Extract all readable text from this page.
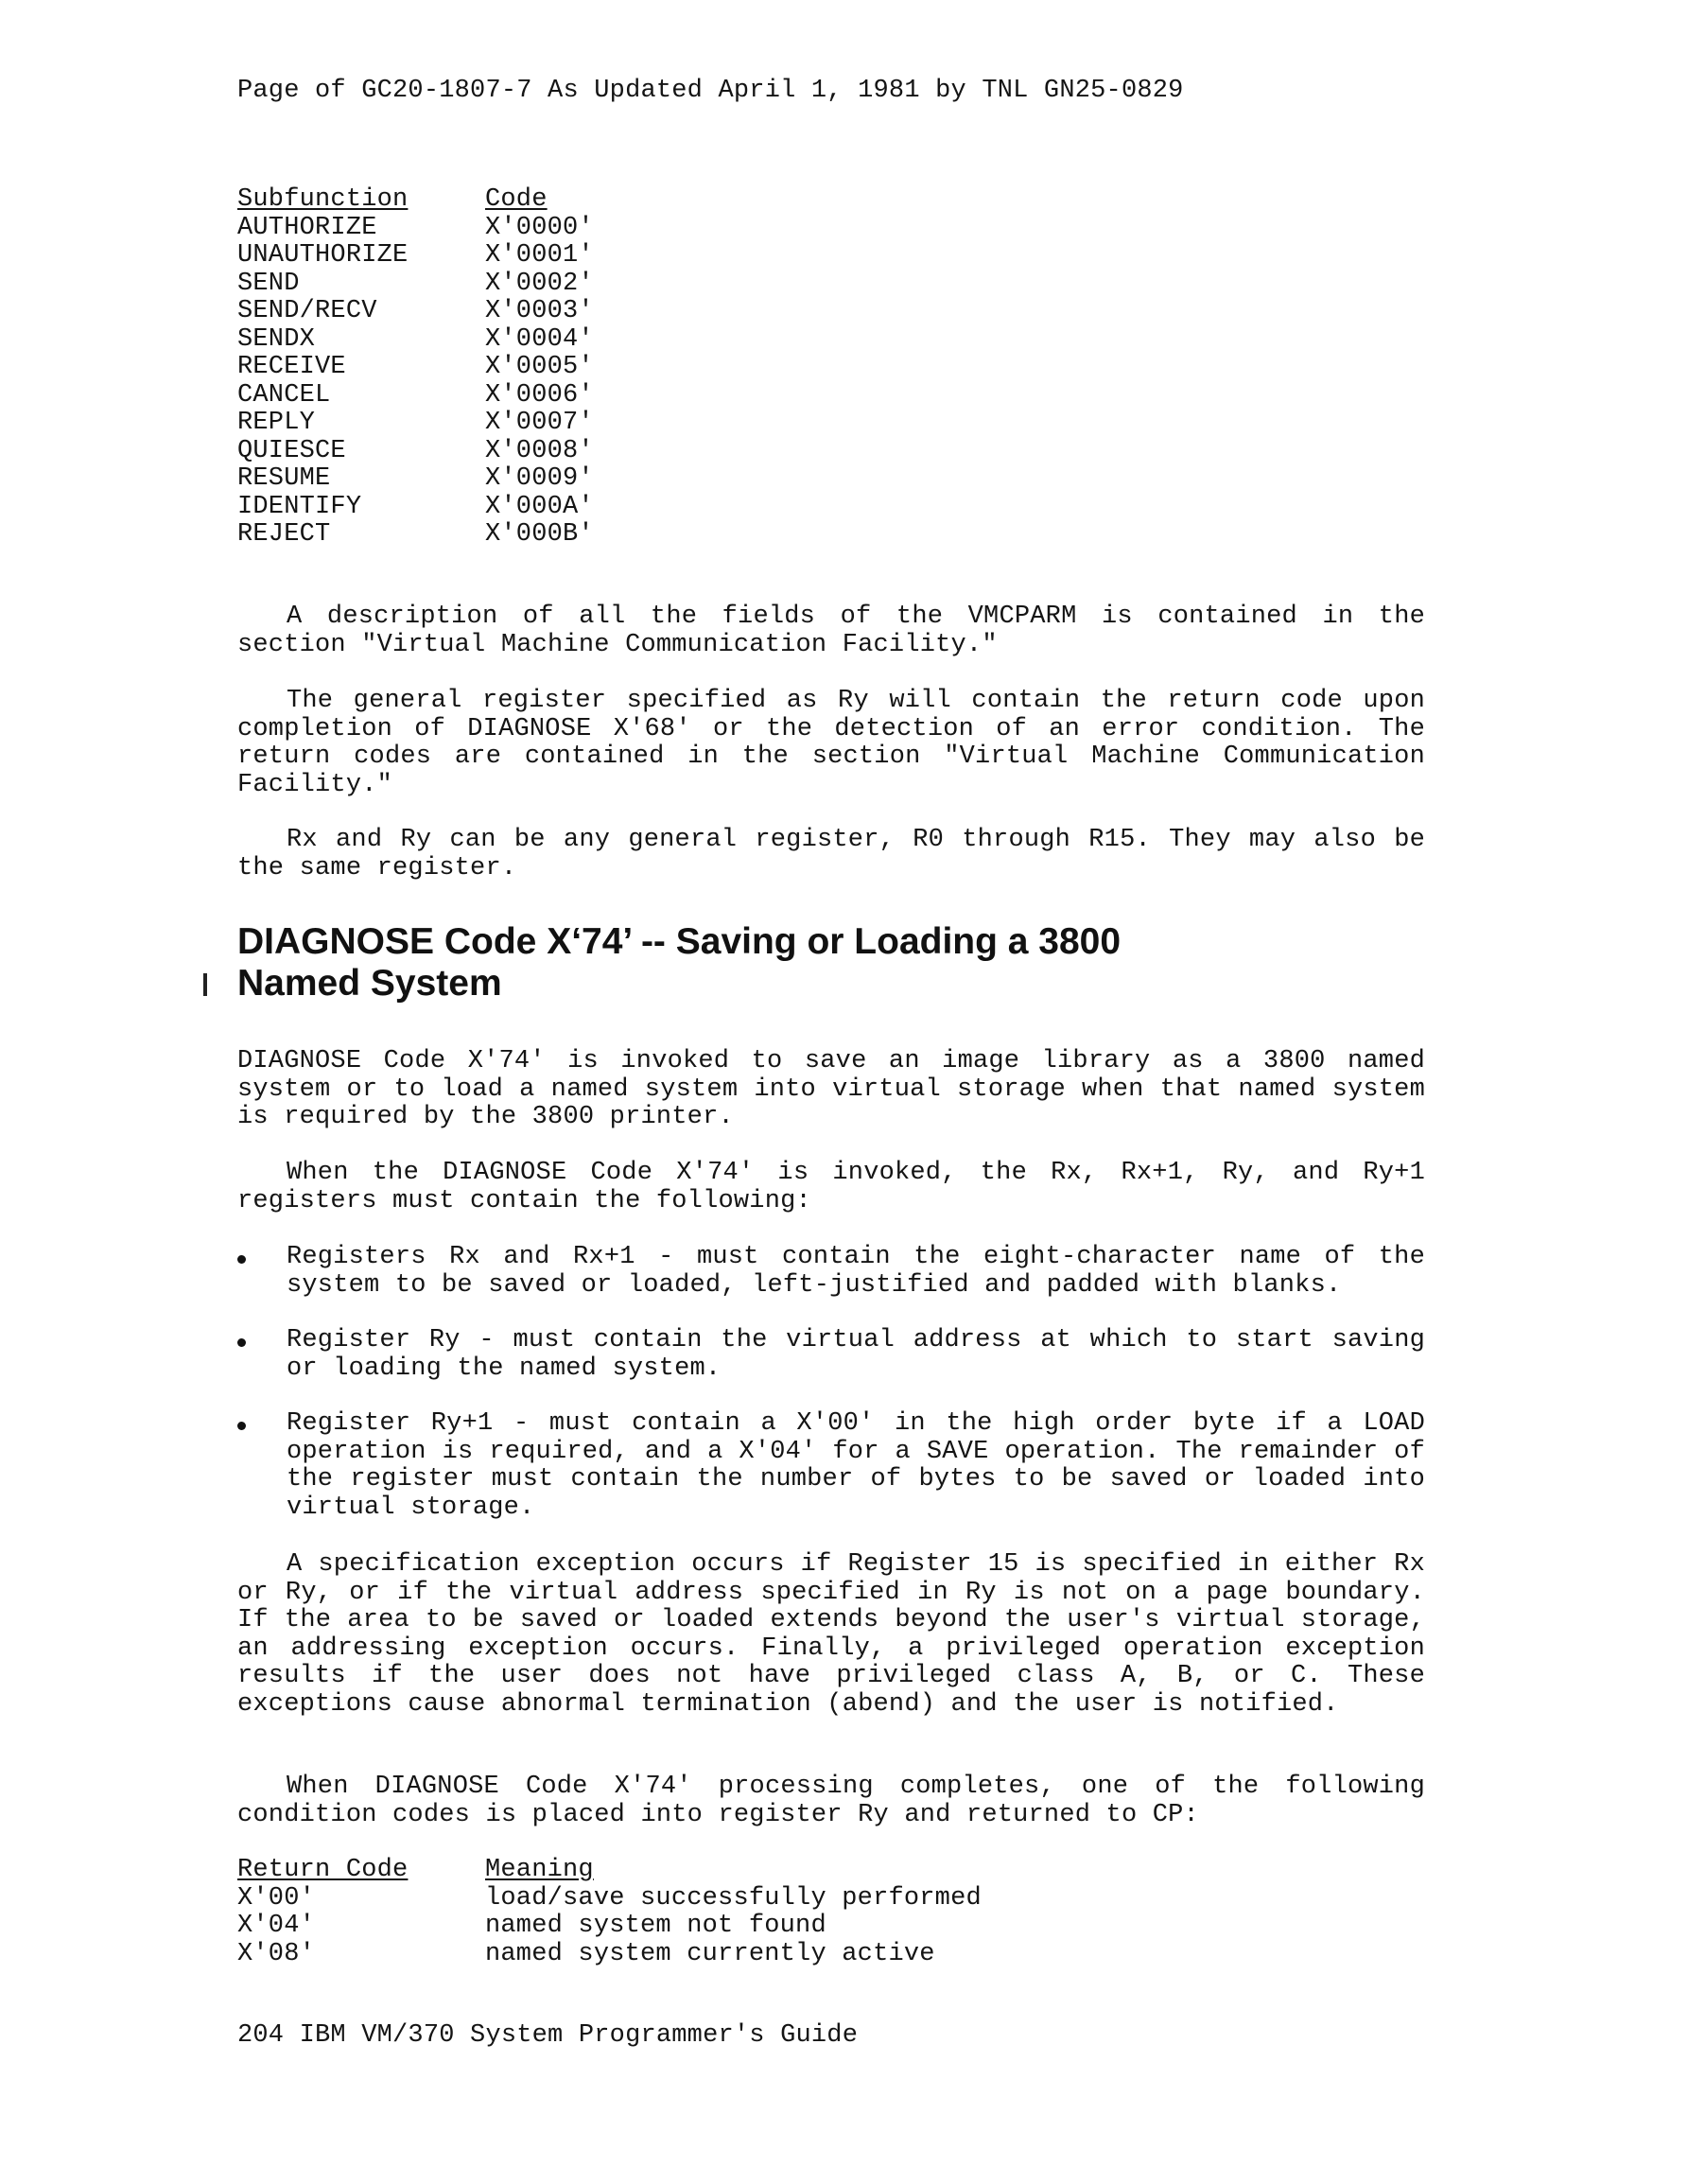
Page of GC20-1807-7 As Updated April 1, 1981 by TNL GN25-0829
Subfunction	Code
AUTHORIZE	X'0000'
UNAUTHORIZE	X'0001'
SEND	X'0002'
SEND/RECV	X'0003'
SENDX	X'0004'
RECEIVE	X'0005'
CANCEL	X'0006'
REPLY	X'0007'
QUIESCE	X'0008'
RESUME	X'0009'
IDENTIFY	X'000A'
REJECT	X'000B'
A description of all the fields of the VMCPARM is contained in the section "Virtual Machine Communication Facility."
The general register specified as Ry will contain the return code upon completion of DIAGNOSE X'68' or the detection of an error condition. The return codes are contained in the section "Virtual Machine Communication Facility."
Rx and Ry can be any general register, R0 through R15. They may also be the same register.
DIAGNOSE Code X‘74’ -- Saving or Loading a 3800
Named System
DIAGNOSE Code X'74' is invoked to save an image library as a 3800 named system or to load a named system into virtual storage when that named system is required by the 3800 printer.
When the DIAGNOSE Code X'74' is invoked, the Rx, Rx+1, Ry, and Ry+1 registers must contain the following:
Registers Rx and Rx+1 - must contain the eight-character name of the system to be saved or loaded, left-justified and padded with blanks.
Register Ry - must contain the virtual address at which to start saving or loading the named system.
Register Ry+1 - must contain a X'00' in the high order byte if a LOAD operation is required, and a X'04' for a SAVE operation. The remainder of the register must contain the number of bytes to be saved or loaded into virtual storage.
A specification exception occurs if Register 15 is specified in either Rx or Ry, or if the virtual address specified in Ry is not on a page boundary. If the area to be saved or loaded extends beyond the user's virtual storage, an addressing exception occurs. Finally, a privileged operation exception results if the user does not have privileged class A, B, or C. These exceptions cause abnormal termination (abend) and the user is notified.
When DIAGNOSE Code X'74' processing completes, one of the following condition codes is placed into register Ry and returned to CP:
Return Code	Meaning
X'00'	load/save successfully performed
X'04'	named system not found
X'08'	named system currently active
204 IBM VM/370 System Programmer's Guide
